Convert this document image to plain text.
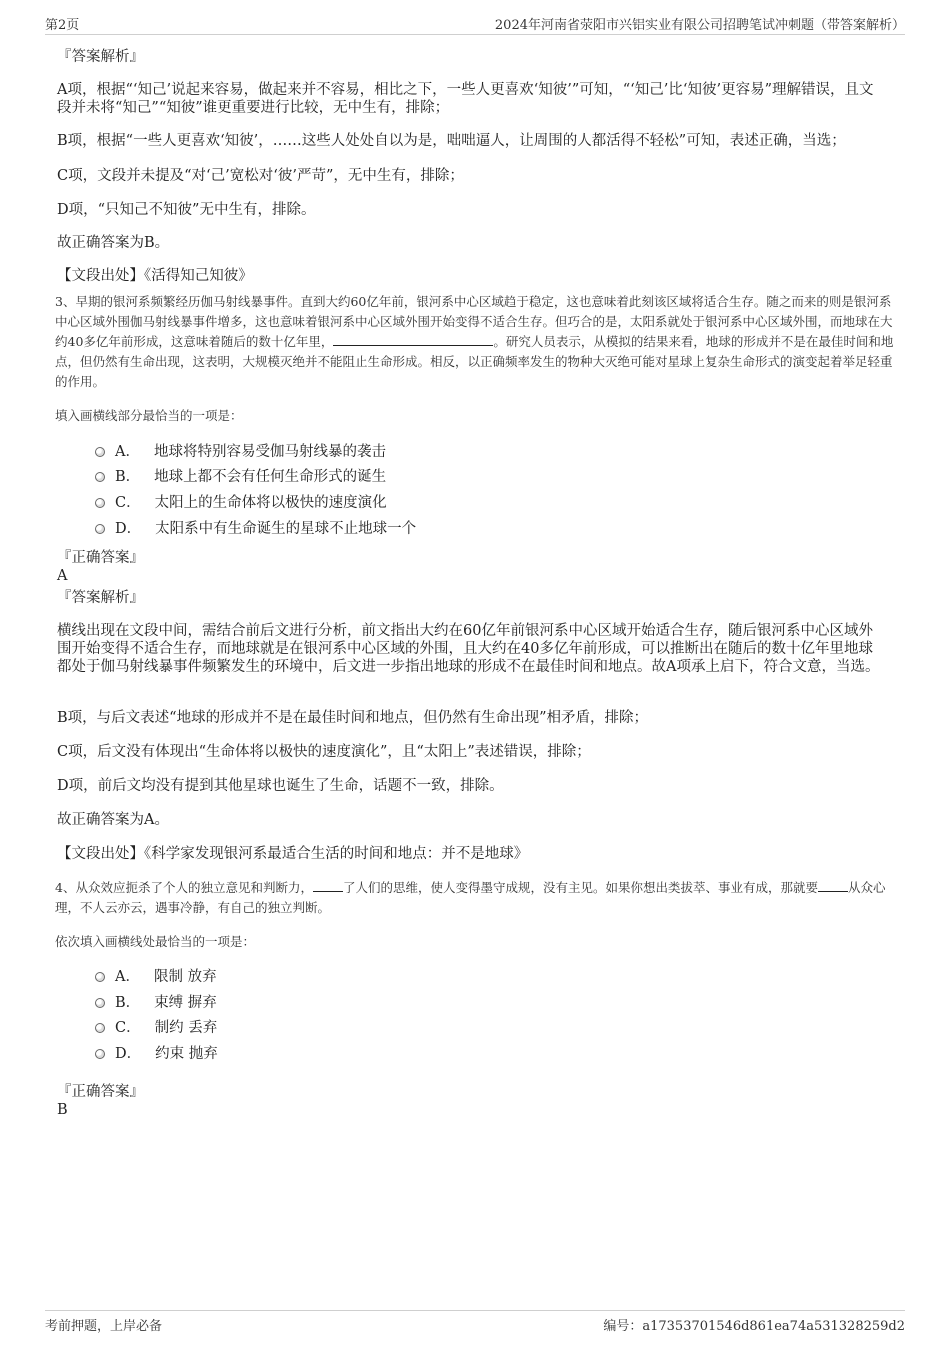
第2页	2024年河南省荥阳市兴铝实业有限公司招聘笔试冲刺题（带答案解析）
『答案解析』
A项，根据“‘知己’说起来容易，做起来并不容易，相比之下，一些人更喜欢‘知彼’”可知，“‘知己’比‘知彼’更容易”理解错误，且文段并未将“知己”“知彼”谁更重要进行比较，无中生有，排除；
B项，根据“一些人更喜欢‘知彼’，……这些人处处自以为是，咄咄逼人，让周围的人都活得不轻松”可知，表述正确，当选；
C项，文段并未提及“对‘己’宽松对‘彼’严苛”，无中生有，排除；
D项，“只知己不知彼”无中生有，排除。
故正确答案为B。
【文段出处】《活得知己知彼》
3、早期的银河系频繁经历伽马射线暴事件。直到大约60亿年前，银河系中心区域趋于稳定，这也意味着此刻该区域将适合生存。随之而来的则是银河系中心区域外围伽马射线暴事件增多，这也意味着银河系中心区域外围开始变得不适合生存。但巧合的是，太阳系就处于银河系中心区域外围，而地球在大约40多亿年前形成，这意味着随后的数十亿年里，	。研究人员表示，从模拟的结果来看，地球的形成并不是在最佳时间和地点，但仍然有生命出现，这表明，大规模灭绝并不能阻止生命形成。相反，以正确频率发生的物种大灭绝可能对星球上复杂生命形式的演变起着举足轻重的作用。
填入画横线部分最恰当的一项是：
A． 地球将特别容易受伽马射线暴的袭击
B． 地球上都不会有任何生命形式的诞生
C． 太阳上的生命体将以极快的速度演化
D． 太阳系中有生命诞生的星球不止地球一个
『正确答案』
A
『答案解析』
横线出现在文段中间，需结合前后文进行分析，前文指出大约在60亿年前银河系中心区域开始适合生存，随后银河系中心区域外围开始变得不适合生存，而地球就是在银河系中心区域的外围，且大约在40多亿年前形成，可以推断出在随后的数十亿年里地球都处于伽马射线暴事件频繁发生的环境中，后文进一步指出地球的形成不在最佳时间和地点。故A项承上启下，符合文意，当选。
B项，与后文表述“地球的形成并不是在最佳时间和地点，但仍然有生命出现”相矛盾，排除；
C项，后文没有体现出“生命体将以极快的速度演化”，且“太阳上”表述错误，排除；
D项，前后文均没有提到其他星球也诞生了生命，话题不一致，排除。
故正确答案为A。
【文段出处】《科学家发现银河系最适合生活的时间和地点：并不是地球》
4、从众效应扼杀了个人的独立意见和判断力， 了人们的思维，使人变得墨守成规，没有主见。如果你想出类拔萃、事业有成，那就要 从众心理，不人云亦云，遇事冷静，有自己的独立判断。
依次填入画横线处最恰当的一项是：
A． 限制 放弃
B． 束缚 摒弃
C． 制约 丢弃
D． 约束 抛弃
『正确答案』
B
考前押题，上岸必备	编号：a17353701546d861ea74a531328259d2
